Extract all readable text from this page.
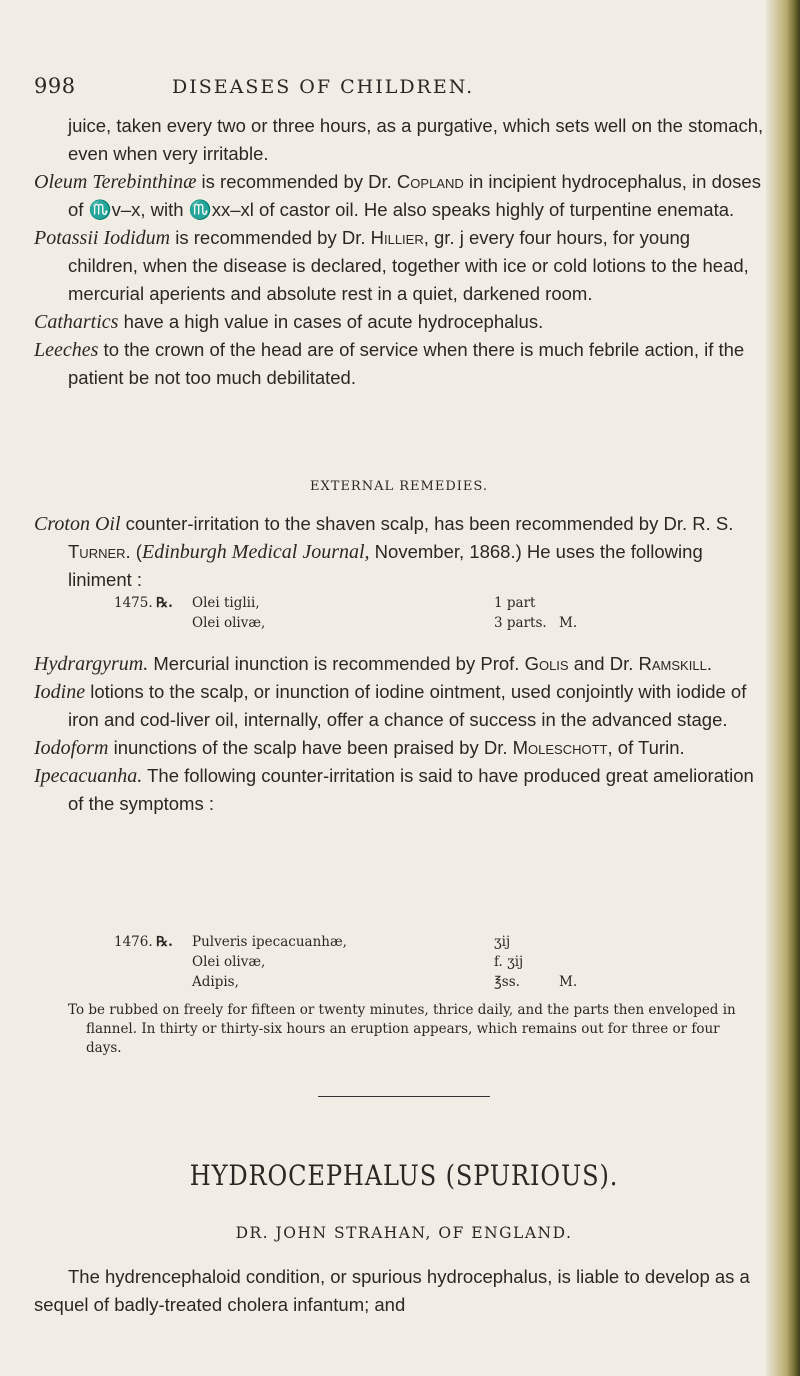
998	DISEASES OF CHILDREN.

juice, taken every two or three hours, as a purgative, which sets well on the stomach, even when very irritable.

Oleum Terebinthinæ is recommended by Dr. Copland in incipient hydrocephalus, in doses of ♏v–x, with ♏xx–xl of castor oil. He also speaks highly of turpentine enemata.

Potassii Iodidum is recommended by Dr. Hillier, gr. j every four hours, for young children, when the disease is declared, together with ice or cold lotions to the head, mercurial aperients and absolute rest in a quiet, darkened room.

Cathartics have a high value in cases of acute hydrocephalus.

Leeches to the crown of the head are of service when there is much febrile action, if the patient be not too much debilitated.

EXTERNAL REMEDIES.

Croton Oil counter-irritation to the shaven scalp, has been recommended by Dr. R. S. Turner. (Edinburgh Medical Journal, November, 1868.) He uses the following liniment :

1475. ℞. Olei tiglii,	1 part
Olei olivæ,	3 parts. M.

Hydrargyrum. Mercurial inunction is recommended by Prof. Golis and Dr. Ramskill.

Iodine lotions to the scalp, or inunction of iodine ointment, used conjointly with iodide of iron and cod-liver oil, internally, offer a chance of success in the advanced stage.

Iodoform inunctions of the scalp have been praised by Dr. Moleschott, of Turin.

Ipecacuanha. The following counter-irritation is said to have produced great amelioration of the symptoms :

1476. ℞. Pulveris ipecacuanhæ,	ʒij
Olei olivæ,	f. ʒij
Adipis,	℥ss.	M.

To be rubbed on freely for fifteen or twenty minutes, thrice daily, and the parts then enveloped in flannel. In thirty or thirty-six hours an eruption appears, which remains out for three or four days.

HYDROCEPHALUS (SPURIOUS).
DR. JOHN STRAHAN, OF ENGLAND.
The hydrencephaloid condition, or spurious hydrocephalus, is liable to develop as a sequel of badly-treated cholera infantum; and
